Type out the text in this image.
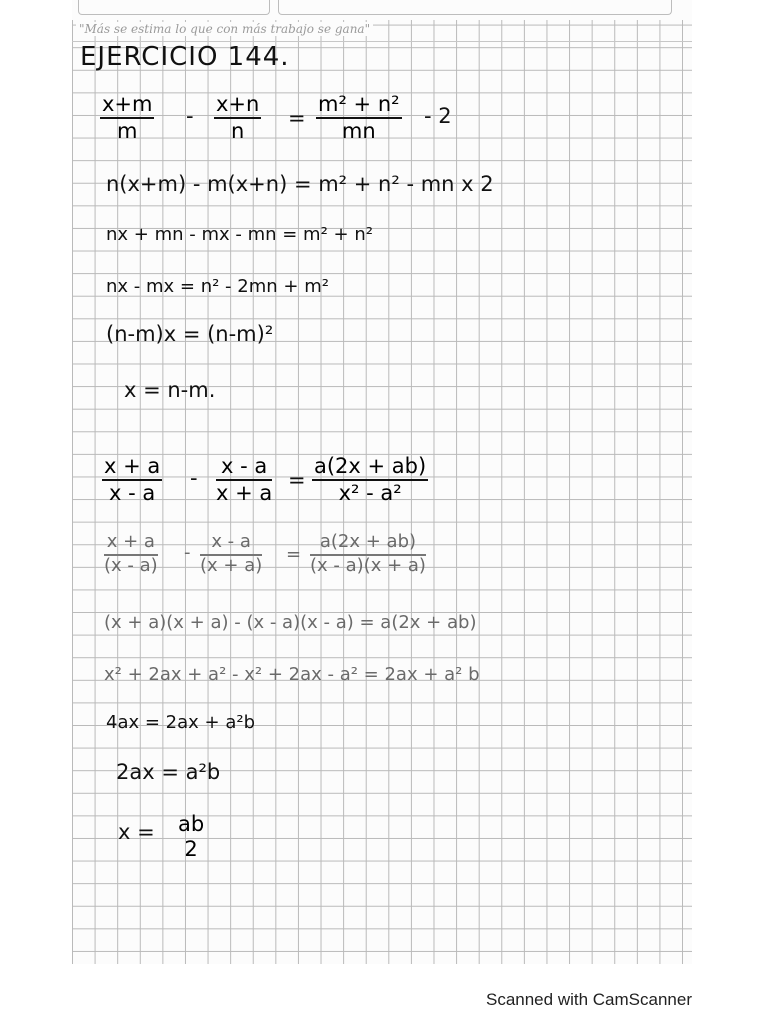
"Más se estima lo que con más trabajo se gana"

EJERCICIO 144.
$\frac{x+m}{m} - \frac{x+n}{n} = \frac{\text{m² + n²}}{mn} - 2$
n(x+m) - m(x+n) = m² + n² - mn x 2
nx + mn - mx - mn = m² + n²
nx - mx = n² - 2mn + m²
(n-m)x = (n-m)²
x = n-m.
$\frac{x + a}{x - a} - \frac{x - a}{x + a} = \frac{a(2x + ab)}{\text{x² - a²}}$
$\frac{x + a}{(x - a)} - \frac{x - a}{(x + a)} = \frac{a(2x + ab)}{(x - a)(x + a)}$
(x + a)(x + a) - (x - a)(x - a) = a(2x + ab)
x² + 2ax + a² - x² + 2ax - a² = 2ax + a² b
4ax = 2ax + a²b
2ax = a²b
x = ab
2

Scanned with CamScanner
